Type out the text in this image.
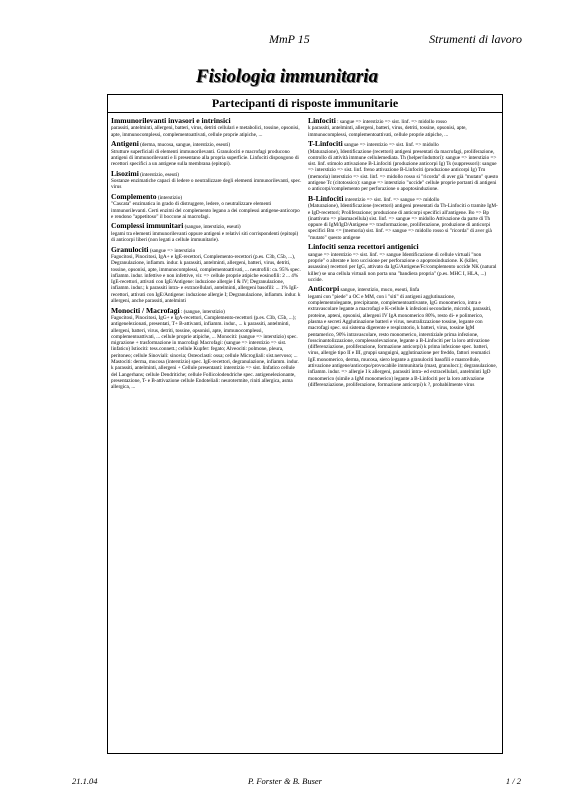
MmP 15	Strumenti di lavoro
Fisiologia immunitaria
Partecipanti di risposte immunitarie
Immunorilevanti invasori e intrinsici
parassiti, antelminti, allergeni, batteri, virus, detriti cellulari e metabolici, tossine, opsonisi, apte, immunocomplessi, complementoattivati, cellule proprie atipiche, ...
Antigeni (derma, mucosa, sangue, interstizio, eseuti)
Strutture superficiali di elementi immunorilevanti. Granulociti e macrofagi producono antigeni di immunorilevanti e li presentano alla propria superficie. Linfociti dispongono di recettori specifici a un antigene sulla membrana (epitopi).
Lisozimi (interstizio, eseuti)
Sostanze enzimatiche capaci di ledere o neutralizzare degli elementi immunorilevanti, spec. virus
Complemento (interstizio)
"Cascata" enzimatica in grado di distruggere, ledere, o neutralizzare elementi immunorilevanti. Certi enzimi del complemento legano a dei complessi antigene-anticorpo e rendono "appetitoso" il boccone ai macrofagi.
Complessi immunitari (sangue, interstizio, eseuti)
legami tra elementi immunorilevanti oppure antigeni e relativi siti corrispondenti (epitopi) di anticorpi liberi (non legati a cellule immunitarie).
Granulociti (sangue => interstizio
Fagocitosi, Pinocitosi, IgA+ e IgE-recettori, Complemento-recettori (p.es. C3b, C5b, ...), Degranulazione, infiamm. indur. k parassiti, antelminti, allergeni, batteri, virus, detriti, tossine, opsonisi, apte, immunocomplessi, complementoattivati, ... neutrofili: ca. 95% spec. infiamm. indur. infettive e non infettive, vir. => cellule proprie atipiche eosinofili: 2 ... 4% IgE-recettori, attivati con IgE/Antigene: induzione allergie I & IV; Degranulazione, infiamm. indur.; k parassiti intra- e extracellulari, antelminti, allergeni basofili: ... 1% IgE-recettori, attivati con IgE/Antigene: induzione allergie I; Degranulazione, infiamm. indur. k allergeni, anche parassiti, antelminti
Monociti / Macrofagi : (sangue, interstizio)
Fagocitosi, Pinocitosi, IgG+ e IgA-recettori, Complemento-recettori (p.es. C3b, C5b, ...); antigenelezionati, presentati, T+ B-attivanti, infiamm. indur., ... k parassiti, antelminti, allergeni, batteri, virus, detriti, tossine, opsonisi, apte, immunocomplessi, complementoattivati, ... cellule proprie atipiche, ... Monociti: (sangue => interstizio) spec. migrazione + trasformazione in macrofagi Macrofagi: (sangue => interstizio => sist. linfatico) Istiociti: tess.connett.; cellule Kupfer: fegato; Alveociti: polmone, pleura, peritoneo; cellule Sinoviali: sinovia; Osteoclasti: ossa; cellule Microgliali: sist.nervoso; ... Mastociti: derma, mucosa (interstizio) spec. IgE-recettori, degranulazione, infiamm. indur. k parassiti, antelminti, allergeni + Cellule presentanti: interstizio => sist. linfatico cellule del Langerhans; cellule Dendritiche; cellule Follicolodendriche spec. antigenelezionante, presentazione, T- e B-attivazione cellule Endoteliali: neurotermite, riniti allergica, asma allergica, ...
Linfociti : sangue => interstizio => sist. linf. => midollo rosso
k parassiti, antelminti, allergeni, batteri, virus, detriti, tossine, opsonisi, apte, immunocomplessi, complementoattivati, cellule proprie atipiche, ...
T-Linfociti sangue => interstizio => sist. linf. => midollo
(Maturazione), Identificazione (recettori) antigeni presentati da macrofagi, proliferazione, controllo di attività immune cellulemediata. Th (helper/induttori): sangue => interstizio => sist. linf. stimolo attivazione B-Linfociti (produzione anticorpi Ig) Ts (suppressori): sangue => interstizio => sist. linf. freno attivazione B-Linfociti (produzione anticorpi Ig) Tm (memoria) interstizio => sist. linf. => midollo rosso si "ricorda" di aver già "mutato" questo antigene Tc (citotossico): sangue => interstizio "uccide" cellule proprie portanti di antigeni o anticorpi/complemento per perforazione o apoptosinduzione.
B-Linfociti interstizio => sist. linf. => sangue => midollo
(Maturazione), Identificazione (recettori) antigeni presentati da Th-Linfociti o tramite IgM- e IgD-recettori; Proliferazione; produzione di anticorpi specifici all'antigene. Bo => Bp (inattivato => plasmacellula) sist. linf. => sangue => midollo Attivazione da parte di Th oppure di IgM/IgD/Antigene => trasformazione, proliferazione, produzione di anticorpi specifici Bm <= (memoria) sist. linf. => sangue => midollo rosso si "ricorda" di aver già "mutato" questo antigene
Linfociti senza recettori antigenici
sangue => interstizio => sist. linf. => sangue Identificazione di cellule virtuali "non proprie" o alterate e loro uccisione per perforazione o apoptosinduzione. K (killer, assassino) recettori per IgG, attivato da IgG/Antigene/Fc/complemento uccide NK (natural killer) se una cellula virtuali non porta una "bandiera propria" (p.es. MHC I, HLA, ...) uccide.
Anticorpi sangue, interstizio, muco, eseuti, linfa
legami con "piede" a OC e MM, con i "siti" di antigeni agglutinazione, complementolegante, precipitante, complementoattivante, IgG monomerico, intra e extravascolare legante a macrofagi e K-cellule k infezioni secondarie, microbi, parassiti, proteine, apteni, opsonisi, allergeni IV IgA monomerico 80%, resto di- e polimerico, plasma e secreti Agglutinazione batteri e virus, neutralizzazione tossine, legante con macrofagi spec. sui sistema digerente e respiratorio, k batteri, virus, tossine IgM pentamerico, 90% intravascolare, resto monomerico, interstiziale prima infezione, fosscinantolizzazione, complessolevazione, legante a B-Linfociti per la loro attivazione (differenziazione, proliferazione, formazione anticorpi) k prima infezione spec. batteri, virus, allergie tipo II e III, gruppi sanguigni, agglutinazione per freddo, fattori reumatici IgE monomerico, derma, mucosa, siero legante a granulociti basofili e mastcellule, attivazione antigene/anticorpo/provocabile immunitaria (mast, granulocr.); degranulazione, infiamm. indur. => allergie I k allergeni, parassiti intra- ed extracellulari, antelminti IgD monomerico (simile a IgM monomerico) legante a B-Linfociti per la loro attivazione (differenziazione, proliferazione, formazione anticorpi) k ?, probabilmente virus
21.1.04	P. Forster & B. Buser	1 / 2
